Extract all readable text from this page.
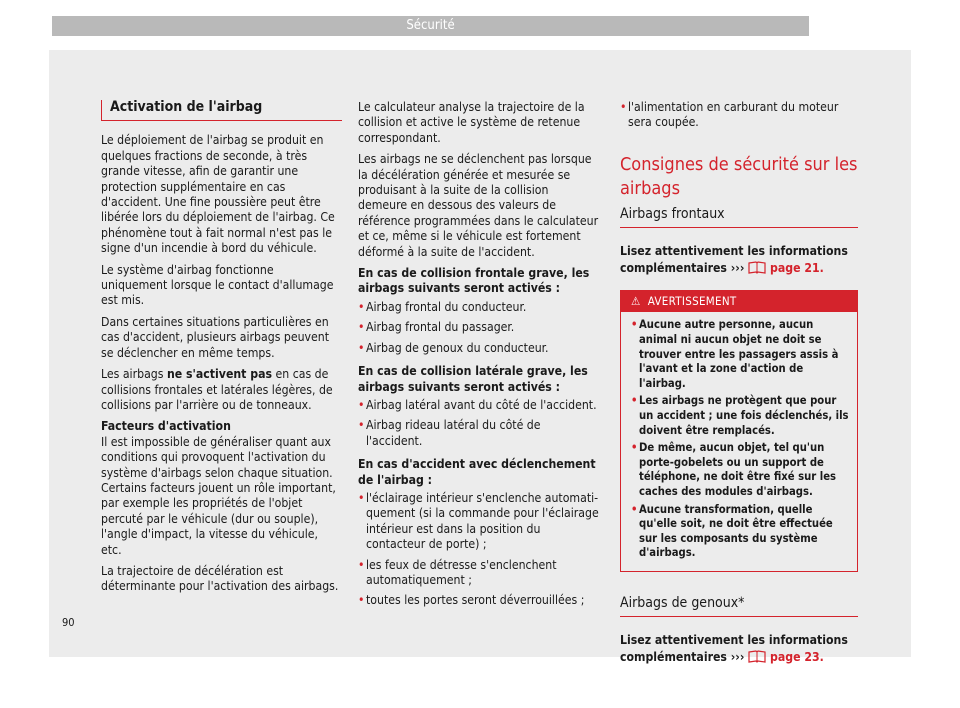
Sécurité
Activation de l'airbag

Le déploiement de l'airbag se produit en quelques fractions de seconde, à très grande vitesse, afin de garantir une protection supplémentaire en cas d'accident. Une fine poussière peut être libérée lors du déploiement de l'airbag. Ce phénomène tout à fait normal n'est pas le signe d'un incendie à bord du véhicule.

Le système d'airbag fonctionne uniquement lorsque le contact d'allumage est mis.

Dans certaines situations particulières en cas d'accident, plusieurs airbags peuvent se déclencher en même temps.

Les airbags ne s'activent pas en cas de collisions frontales et latérales légères, de collisions par l'arrière ou de tonneaux.

Facteurs d'activation

Il est impossible de généraliser quant aux conditions qui provoquent l'activation du système d'airbags selon chaque situation. Certains facteurs jouent un rôle important, par exemple les propriétés de l'objet percuté par le véhicule (dur ou souple), l'angle d'impact, la vitesse du véhicule, etc.

La trajectoire de décélération est déterminante pour l'activation des airbags.

Le calculateur analyse la trajectoire de la collision et active le système de retenue correspondant.

Les airbags ne se déclenchent pas lorsque la décélération générée et mesurée se produisant à la suite de la collision demeure en dessous des valeurs de référence programmées dans le calculateur et ce, même si le véhicule est fortement déformé à la suite de l'accident.

En cas de collision frontale grave, les airbags suivants seront activés :

• Airbag frontal du conducteur.
• Airbag frontal du passager.
• Airbag de genoux du conducteur.

En cas de collision latérale grave, les airbags suivants seront activés :

• Airbag latéral avant du côté de l'accident.
• Airbag rideau latéral du côté de l'accident.

En cas d'accident avec déclenchement de l'airbag :

• l'éclairage intérieur s'enclenche automatiquement (si la commande pour l'éclairage intérieur est dans la position du contacteur de porte) ;
• les feux de détresse s'enclenchent automatiquement ;
• toutes les portes seront déverrouillées ;
• l'alimentation en carburant du moteur sera coupée.
Consignes de sécurité sur les airbags
Airbags frontaux

Lisez attentivement les informations complémentaires ››› page 21.

⚠ AVERTISSEMENT
• Aucune autre personne, aucun animal ni aucun objet ne doit se trouver entre les passagers assis à l'avant et la zone d'action de l'airbag.
• Les airbags ne protègent que pour un accident ; une fois déclenchés, ils doivent être remplacés.
• De même, aucun objet, tel qu'un porte-gobelets ou un support de téléphone, ne doit être fixé sur les caches des modules d'airbags.
• Aucune transformation, quelle qu'elle soit, ne doit être effectuée sur les composants du système d'airbags.
Airbags de genoux*

Lisez attentivement les informations complémentaires ››› page 23.

90
